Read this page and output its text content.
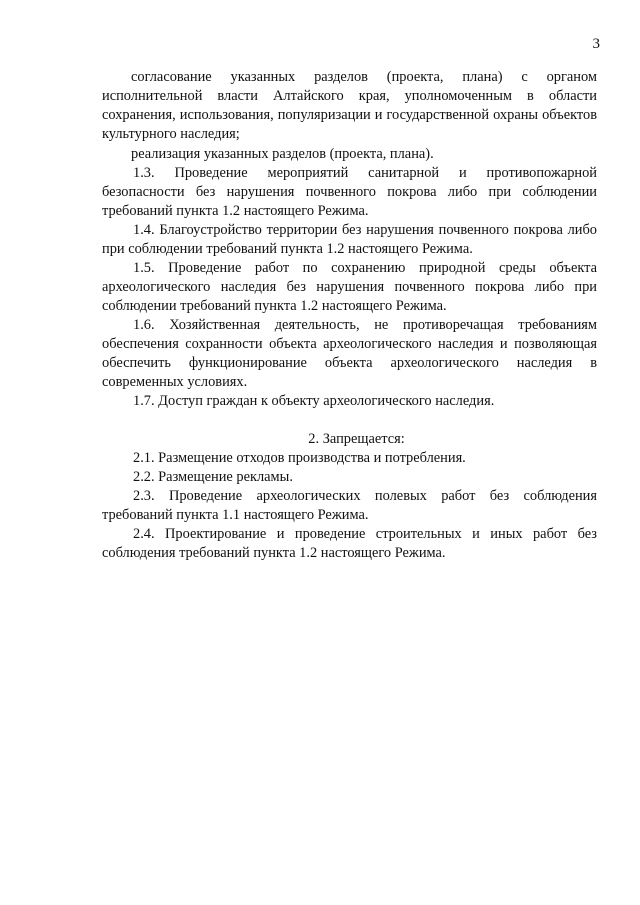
3

согласование указанных разделов (проекта, плана) с органом исполнительной власти Алтайского края, уполномоченным в области сохранения, использования, популяризации и государственной охраны объектов культурного наследия;

реализация указанных разделов (проекта, плана).

1.3. Проведение мероприятий санитарной и противопожарной безопасности без нарушения почвенного покрова либо при соблюдении требований пункта 1.2 настоящего Режима.

1.4. Благоустройство территории без нарушения почвенного покрова либо при соблюдении требований пункта 1.2 настоящего Режима.

1.5. Проведение работ по сохранению природной среды объекта археологического наследия без нарушения почвенного покрова либо при соблюдении требований пункта 1.2 настоящего Режима.

1.6. Хозяйственная деятельность, не противоречащая требованиям обеспечения сохранности объекта археологического наследия и позволяющая обеспечить функционирование объекта археологического наследия в современных условиях.

1.7. Доступ граждан к объекту археологического наследия.

2. Запрещается:

2.1. Размещение отходов производства и потребления.

2.2. Размещение рекламы.

2.3. Проведение археологических полевых работ без соблюдения требований пункта 1.1 настоящего Режима.

2.4. Проектирование и проведение строительных и иных работ без соблюдения требований пункта 1.2 настоящего Режима.
